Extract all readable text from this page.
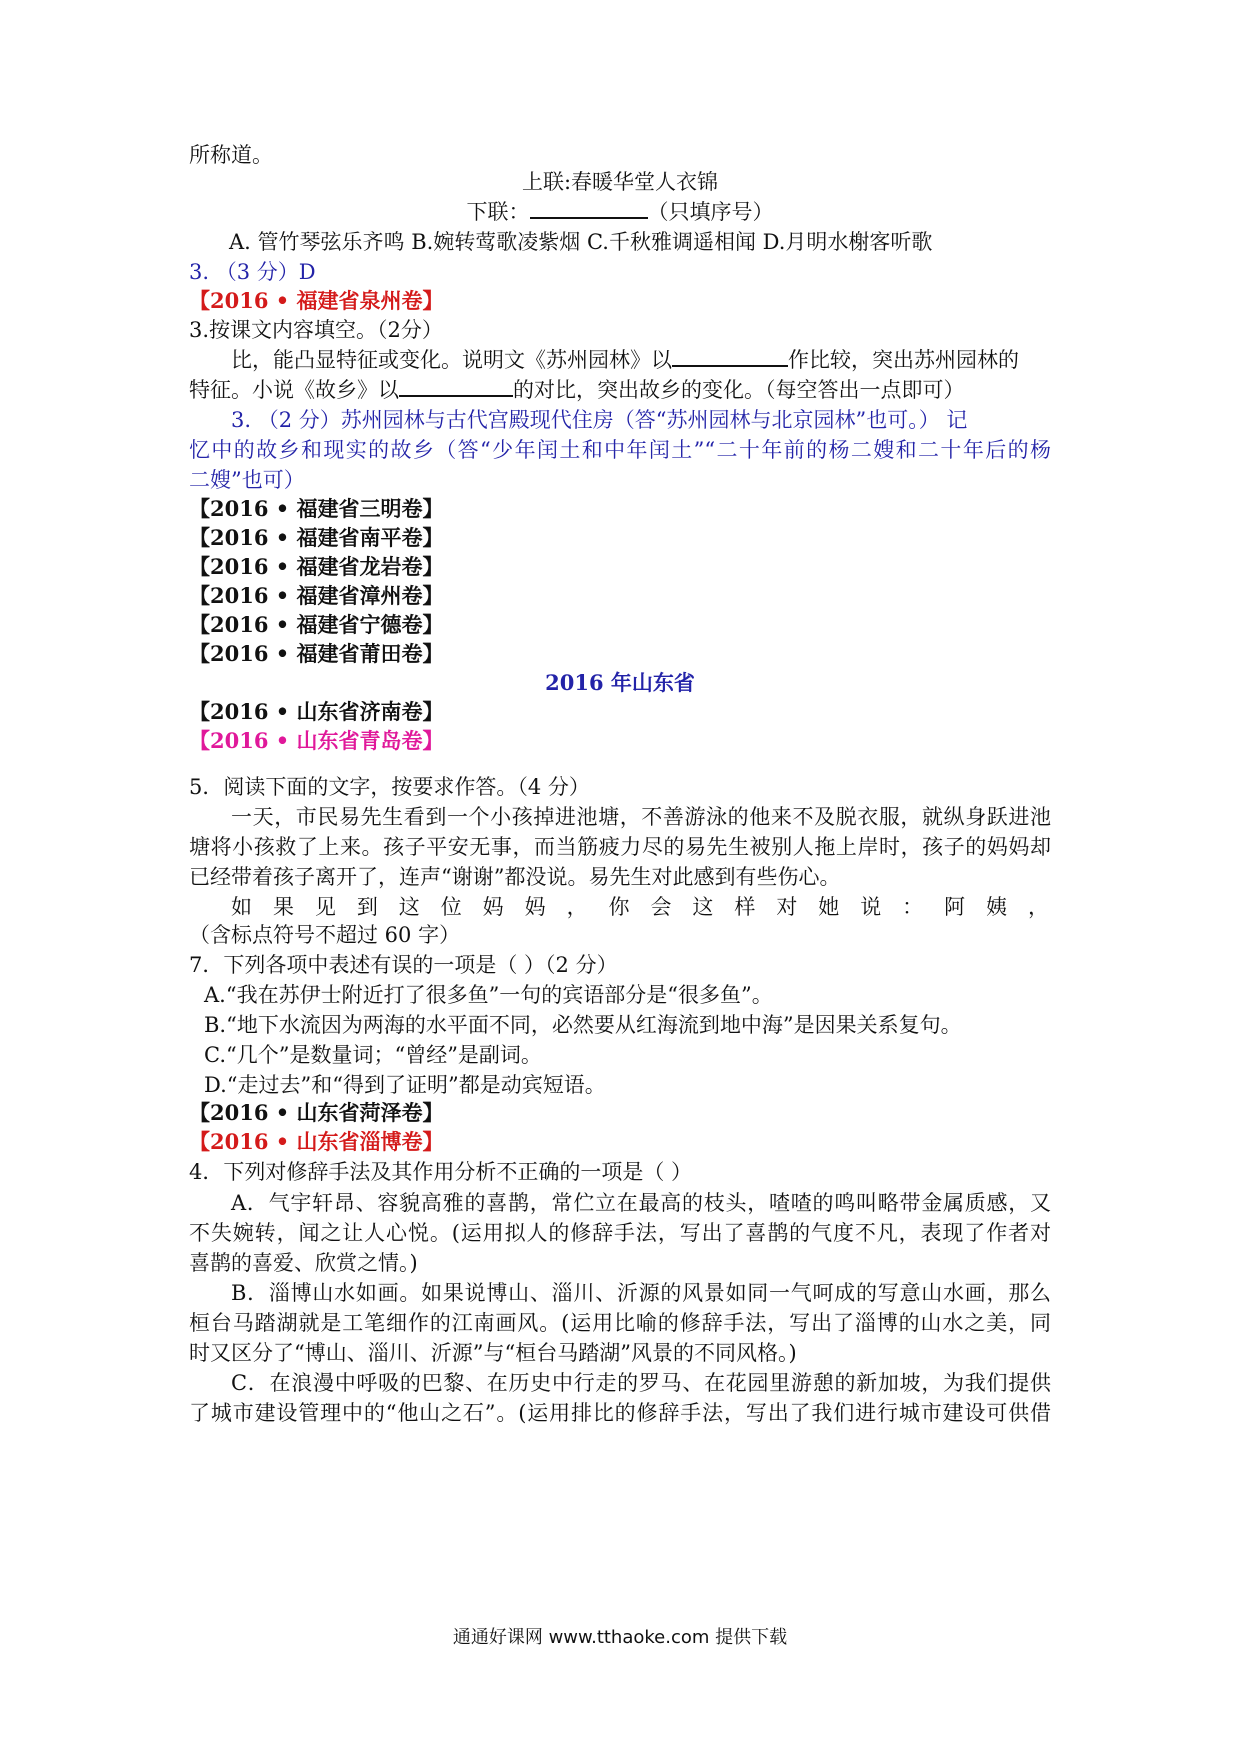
所称道。
上联:春暖华堂人衣锦
下联：	（只填序号）
A. 管竹琴弦乐齐鸣 B.婉转莺歌凌紫烟 C.千秋雅调遥相闻 D.月明水榭客听歌
3. （3 分）D
【2016 • 福建省泉州卷】
3.按课文内容填空。（2分）
比，能凸显特征或变化。说明文《苏州园林》以	作比较，突出苏州园林的
特征。小说《故乡》以	的对比，突出故乡的变化。（每空答出一点即可）
3. （2 分）苏州园林与古代宫殿现代住房（答“苏州园林与北京园林”也可。） 记
忆中的故乡和现实的故乡（答“少年闰土和中年闰土”“二十年前的杨二嫂和二十年后的杨
二嫂”也可）
【2016 • 福建省三明卷】
【2016 • 福建省南平卷】
【2016 • 福建省龙岩卷】
【2016 • 福建省漳州卷】
【2016 • 福建省宁德卷】
【2016 • 福建省莆田卷】
2016 年山东省
【2016 • 山东省济南卷】
【2016 • 山东省青岛卷】
5．阅读下面的文字，按要求作答。（4 分）
一天，市民易先生看到一个小孩掉进池塘，不善游泳的他来不及脱衣服，就纵身跃进池
塘将小孩救了上来。孩子平安无事，而当筋疲力尽的易先生被别人拖上岸时，孩子的妈妈却
已经带着孩子离开了，连声“谢谢”都没说。易先生对此感到有些伤心。
如果见到这位妈妈，你会这样对她说：阿姨，
（含标点符号不超过 60 字）
7．下列各项中表述有误的一项是（ ）（2 分）
A.“我在苏伊士附近打了很多鱼”一句的宾语部分是“很多鱼”。
B.“地下水流因为两海的水平面不同，必然要从红海流到地中海”是因果关系复句。
C.“几个”是数量词；“曾经”是副词。
D.“走过去”和“得到了证明”都是动宾短语。
【2016 • 山东省菏泽卷】
【2016 • 山东省淄博卷】
4．下列对修辞手法及其作用分析不正确的一项是（ ）
A．气宇轩昂、容貌高雅的喜鹊，常伫立在最高的枝头，喳喳的鸣叫略带金属质感，又
不失婉转，闻之让人心悦。(运用拟人的修辞手法，写出了喜鹊的气度不凡，表现了作者对
喜鹊的喜爱、欣赏之情。)
B．淄博山水如画。如果说博山、淄川、沂源的风景如同一气呵成的写意山水画，那么
桓台马踏湖就是工笔细作的江南画风。(运用比喻的修辞手法，写出了淄博的山水之美，同
时又区分了“博山、淄川、沂源”与“桓台马踏湖”风景的不同风格。)
C．在浪漫中呼吸的巴黎、在历史中行走的罗马、在花园里游憩的新加坡，为我们提供
了城市建设管理中的“他山之石”。(运用排比的修辞手法，写出了我们进行城市建设可供借
通通好课网 www.tthaoke.com 提供下载
